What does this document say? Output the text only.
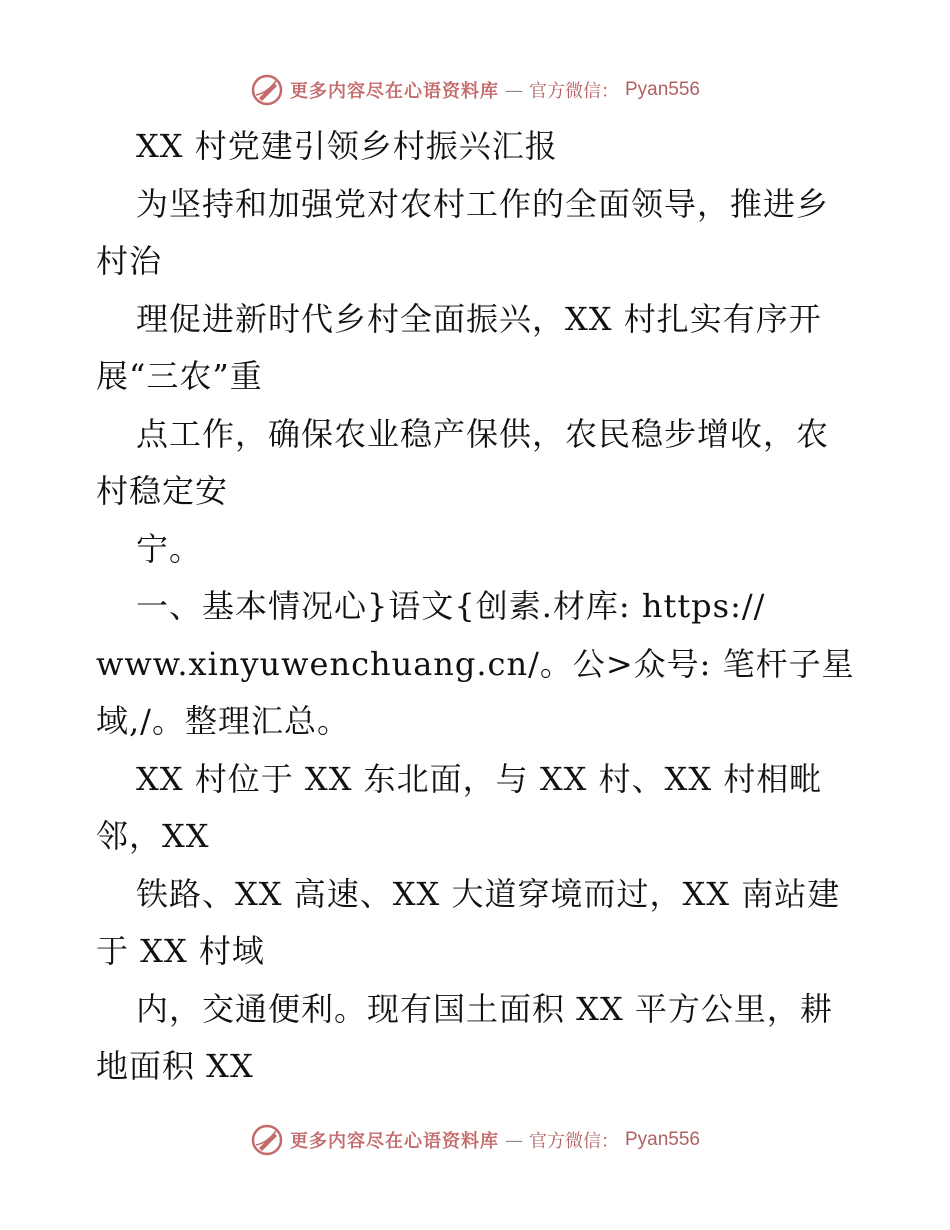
更多内容尽在心语资料库 — 官方微信： Pyan556
XX 村党建引领乡村振兴汇报
为坚持和加强党对农村工作的全面领导，推进乡
村治
理促进新时代乡村全面振兴，XX 村扎实有序开
展“三农”重
点工作，确保农业稳产保供，农民稳步增收，农
村稳定安
宁。
一、基本情况心}语文{创素.材库: https://
www.xinyuwenchuang.cn/。公>众号: 笔杆子星
域,/。整理汇总。
XX 村位于 XX 东北面，与 XX 村、XX 村相毗
邻，XX
铁路、XX 高速、XX 大道穿境而过，XX 南站建
于 XX 村域
内，交通便利。现有国土面积 XX 平方公里，耕
地面积 XX
更多内容尽在心语资料库 — 官方微信： Pyan556
